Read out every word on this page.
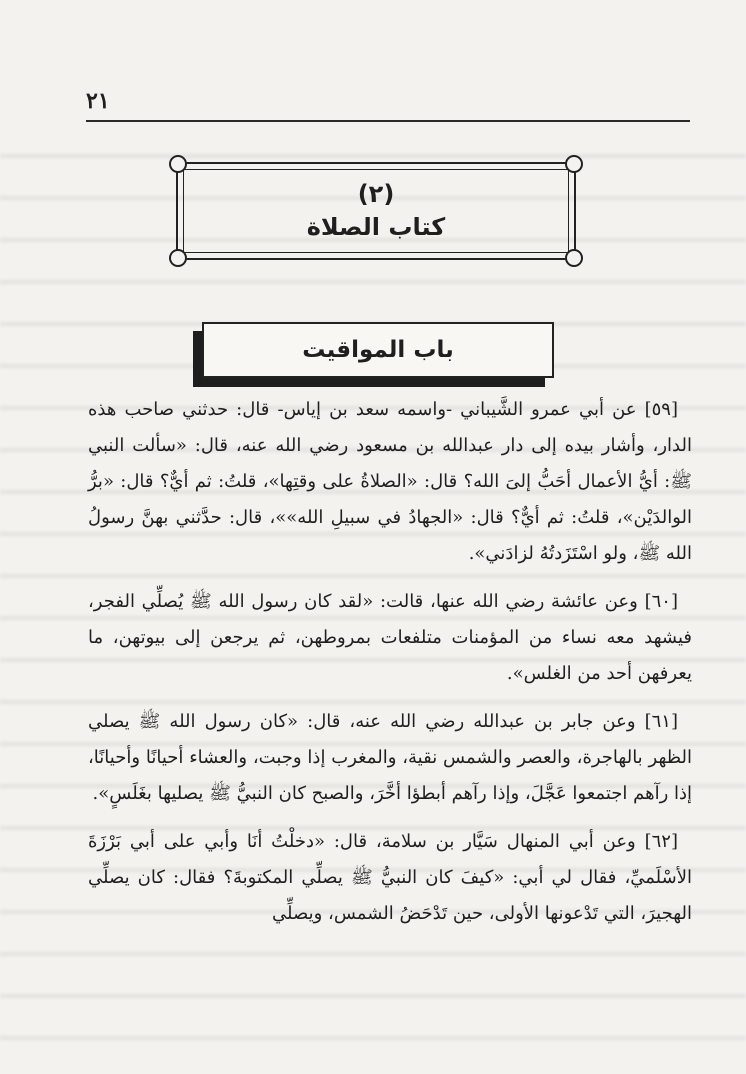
٢١
(٢)
كتاب الصلاة
باب المواقيت

[٥٩] عن أبي عمرو الشَّيباني -واسمه سعد بن إياس- قال: حدثني صاحب هذه الدار، وأشار بيده إلى دار عبدالله بن مسعود رضي الله عنه، قال: «سألت النبي ﷺ: أيُّ الأعمال أحَبُّ إلىَ الله؟ قال: «الصلاةُ على وقتِها»، قلتُ: ثم أيٌّ؟ قال: «برُّ الوالدَيْن»، قلتُ: ثم أيٌّ؟ قال: «الجهادُ في سبيلِ الله»»، قال: حدَّثني بهنَّ رسولُ الله ﷺ، ولو اسْتَزَدتُهُ لزادَني».

[٦٠] وعن عائشة رضي الله عنها، قالت: «لقد كان رسول الله ﷺ يُصلِّي الفجر، فيشهد معه نساء من المؤمنات متلفعات بمروطهن، ثم يرجعن إلى بيوتهن، ما يعرفهن أحد من الغلس».

[٦١] وعن جابر بن عبدالله رضي الله عنه، قال: «كان رسول الله ﷺ يصلي الظهر بالهاجرة، والعصر والشمس نقية، والمغرب إذا وجبت، والعشاء أحيانًا وأحيانًا، إذا رآهم اجتمعوا عَجَّلَ، وإذا رآهم أبطؤا أخَّرَ، والصبح كان النبيُّ ﷺ يصليها بغَلَسٍ».

[٦٢] وعن أبي المنهال سَيَّار بن سلامة، قال: «دخلْتُ أنَا وأبي على أبي بَرْزَةَ الأسْلَميِّ، فقال لي أبي: «كيفَ كان النبيُّ ﷺ يصلِّي المكتوبةَ؟ فقال: كان يصلِّي الهجيرَ، التي تَدْعونها الأولى، حين تَدْحَضُ الشمس، ويصلِّي
